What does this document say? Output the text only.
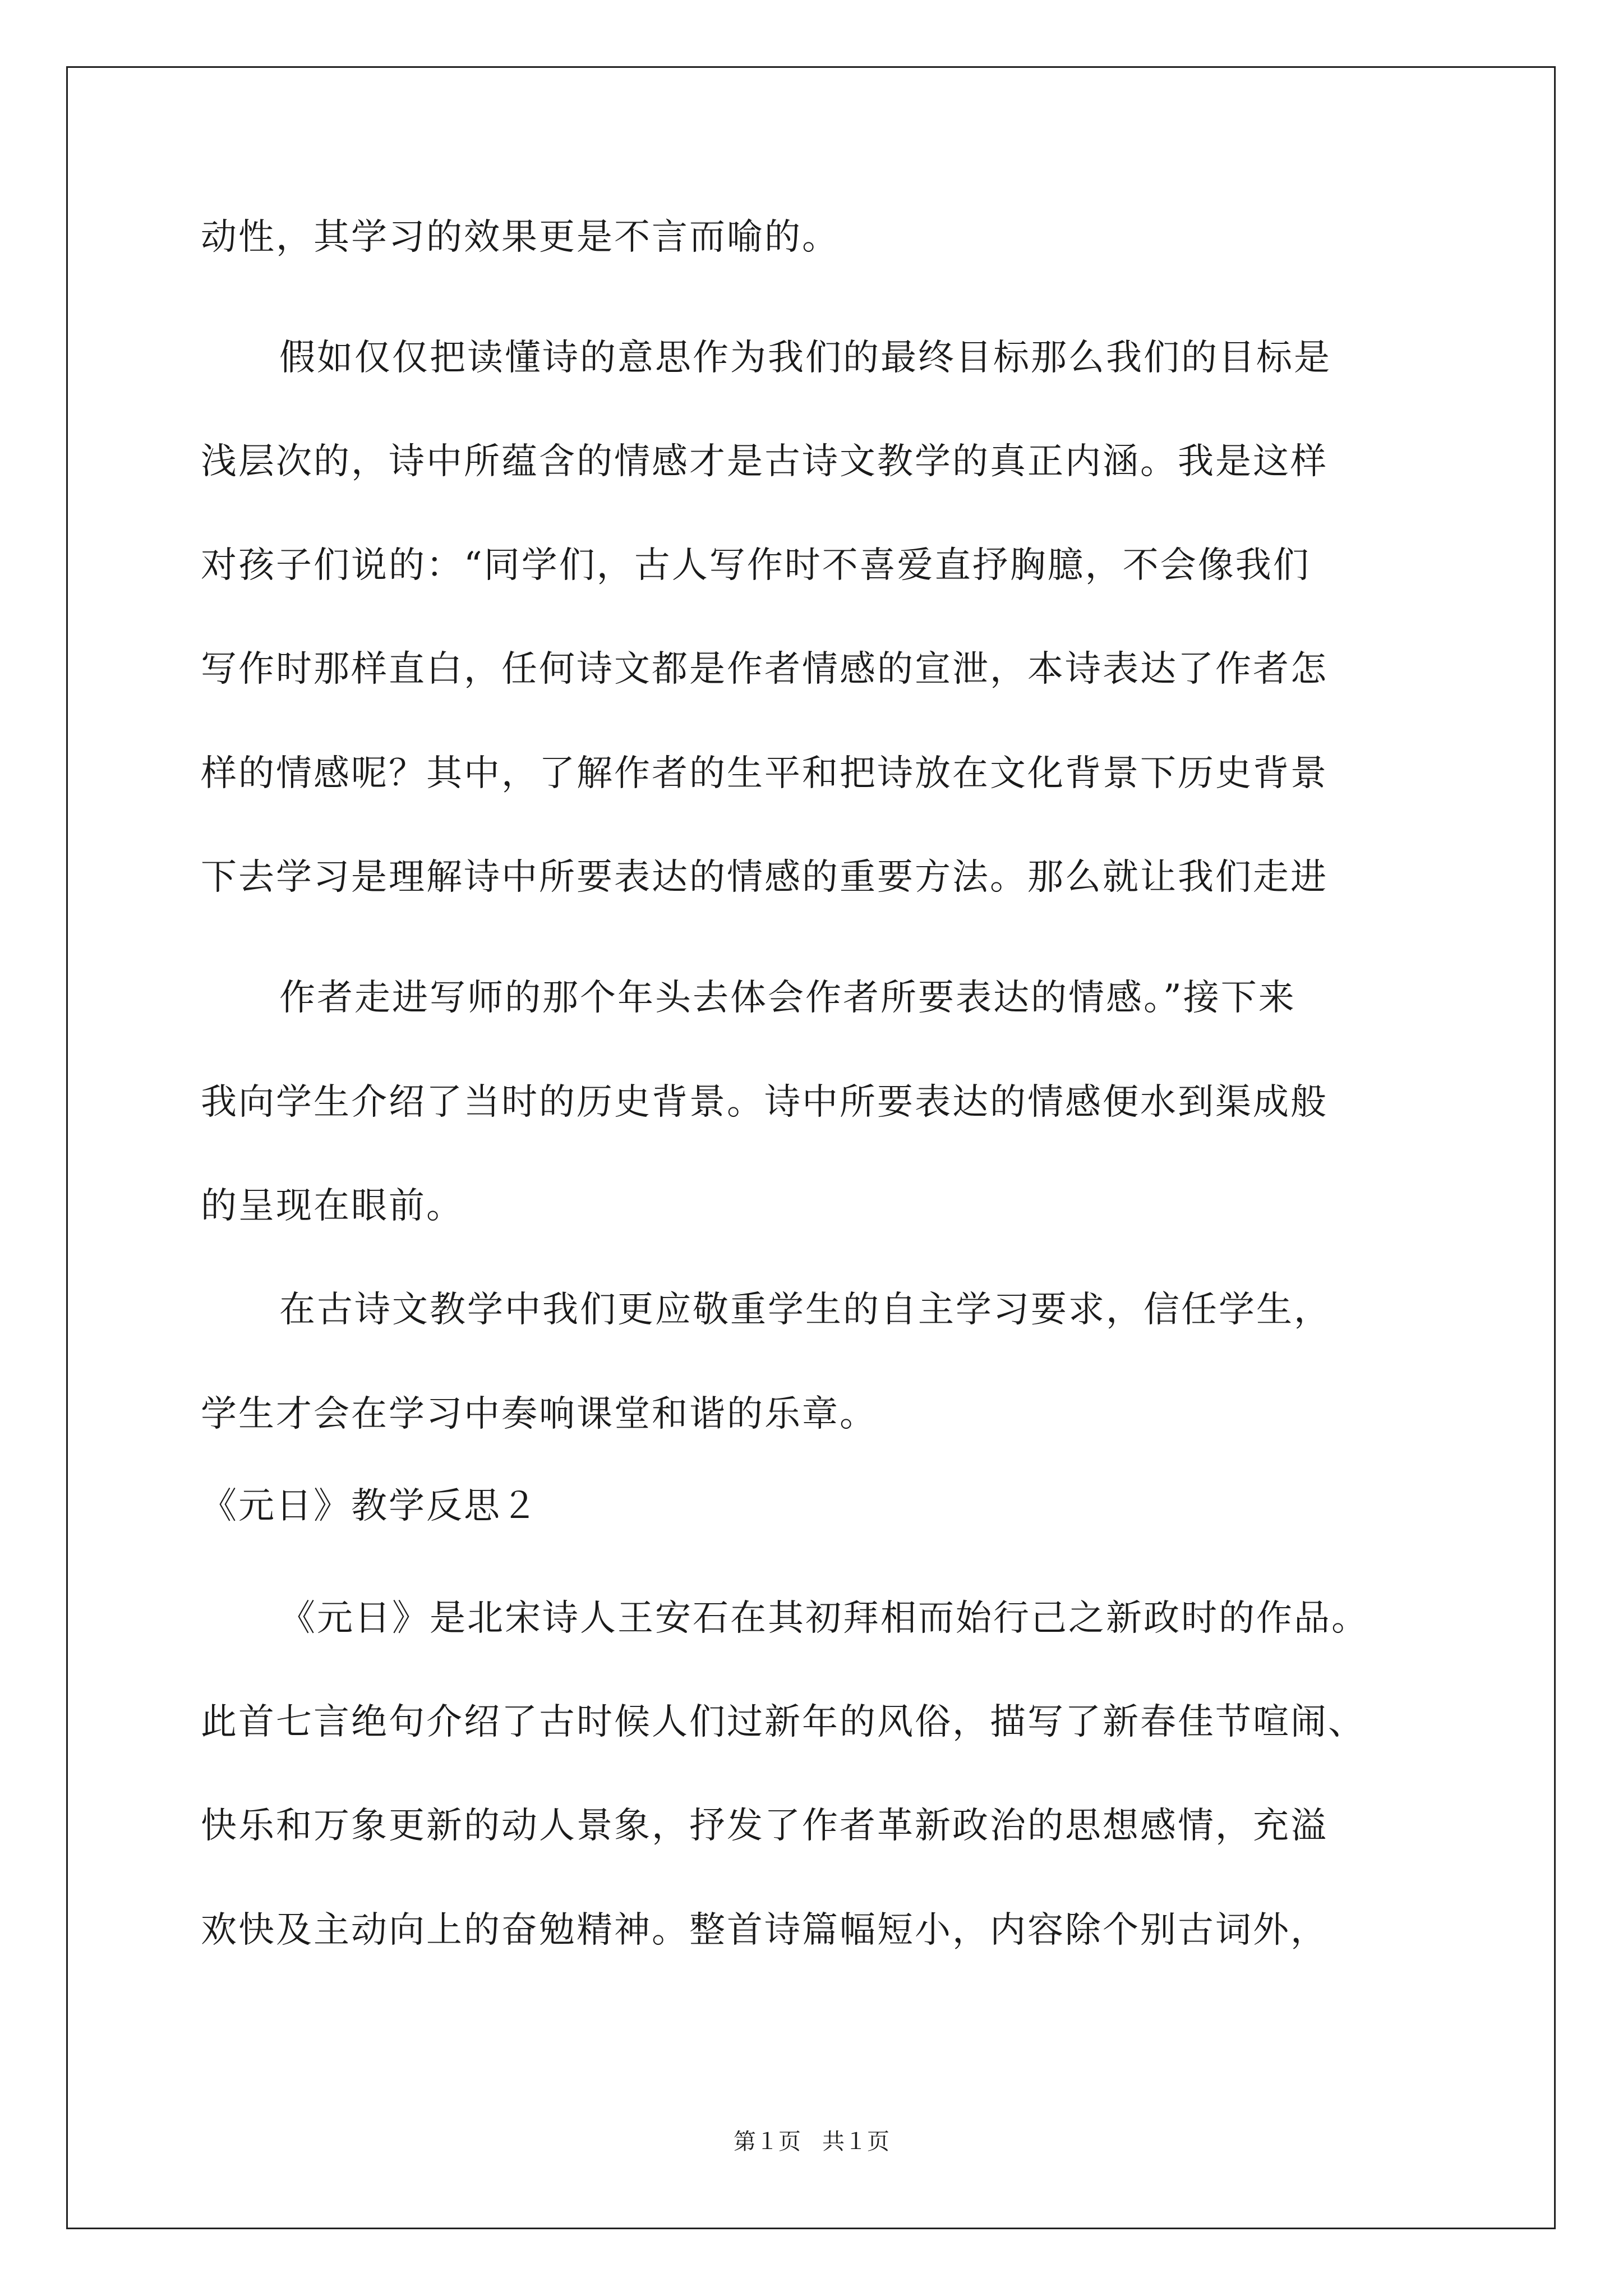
动性，其学习的效果更是不言而喻的。
假如仅仅把读懂诗的意思作为我们的最终目标那么我们的目标是
浅层次的，诗中所蕴含的情感才是古诗文教学的真正内涵。我是这样
对孩子们说的：“同学们，古人写作时不喜爱直抒胸臆，不会像我们
写作时那样直白，任何诗文都是作者情感的宣泄，本诗表达了作者怎
样的情感呢？其中，了解作者的生平和把诗放在文化背景下历史背景
下去学习是理解诗中所要表达的情感的重要方法。那么就让我们走进
作者走进写师的那个年头去体会作者所要表达的情感。”接下来
我向学生介绍了当时的历史背景。诗中所要表达的情感便水到渠成般
的呈现在眼前。
在古诗文教学中我们更应敬重学生的自主学习要求，信任学生，
学生才会在学习中奏响课堂和谐的乐章。
《元日》教学反思２
《元日》是北宋诗人王安石在其初拜相而始行己之新政时的作品。
此首七言绝句介绍了古时候人们过新年的风俗，描写了新春佳节喧闹、
快乐和万象更新的动人景象，抒发了作者革新政治的思想感情，充溢
欢快及主动向上的奋勉精神。整首诗篇幅短小，内容除个别古词外，
第１页 共１页
